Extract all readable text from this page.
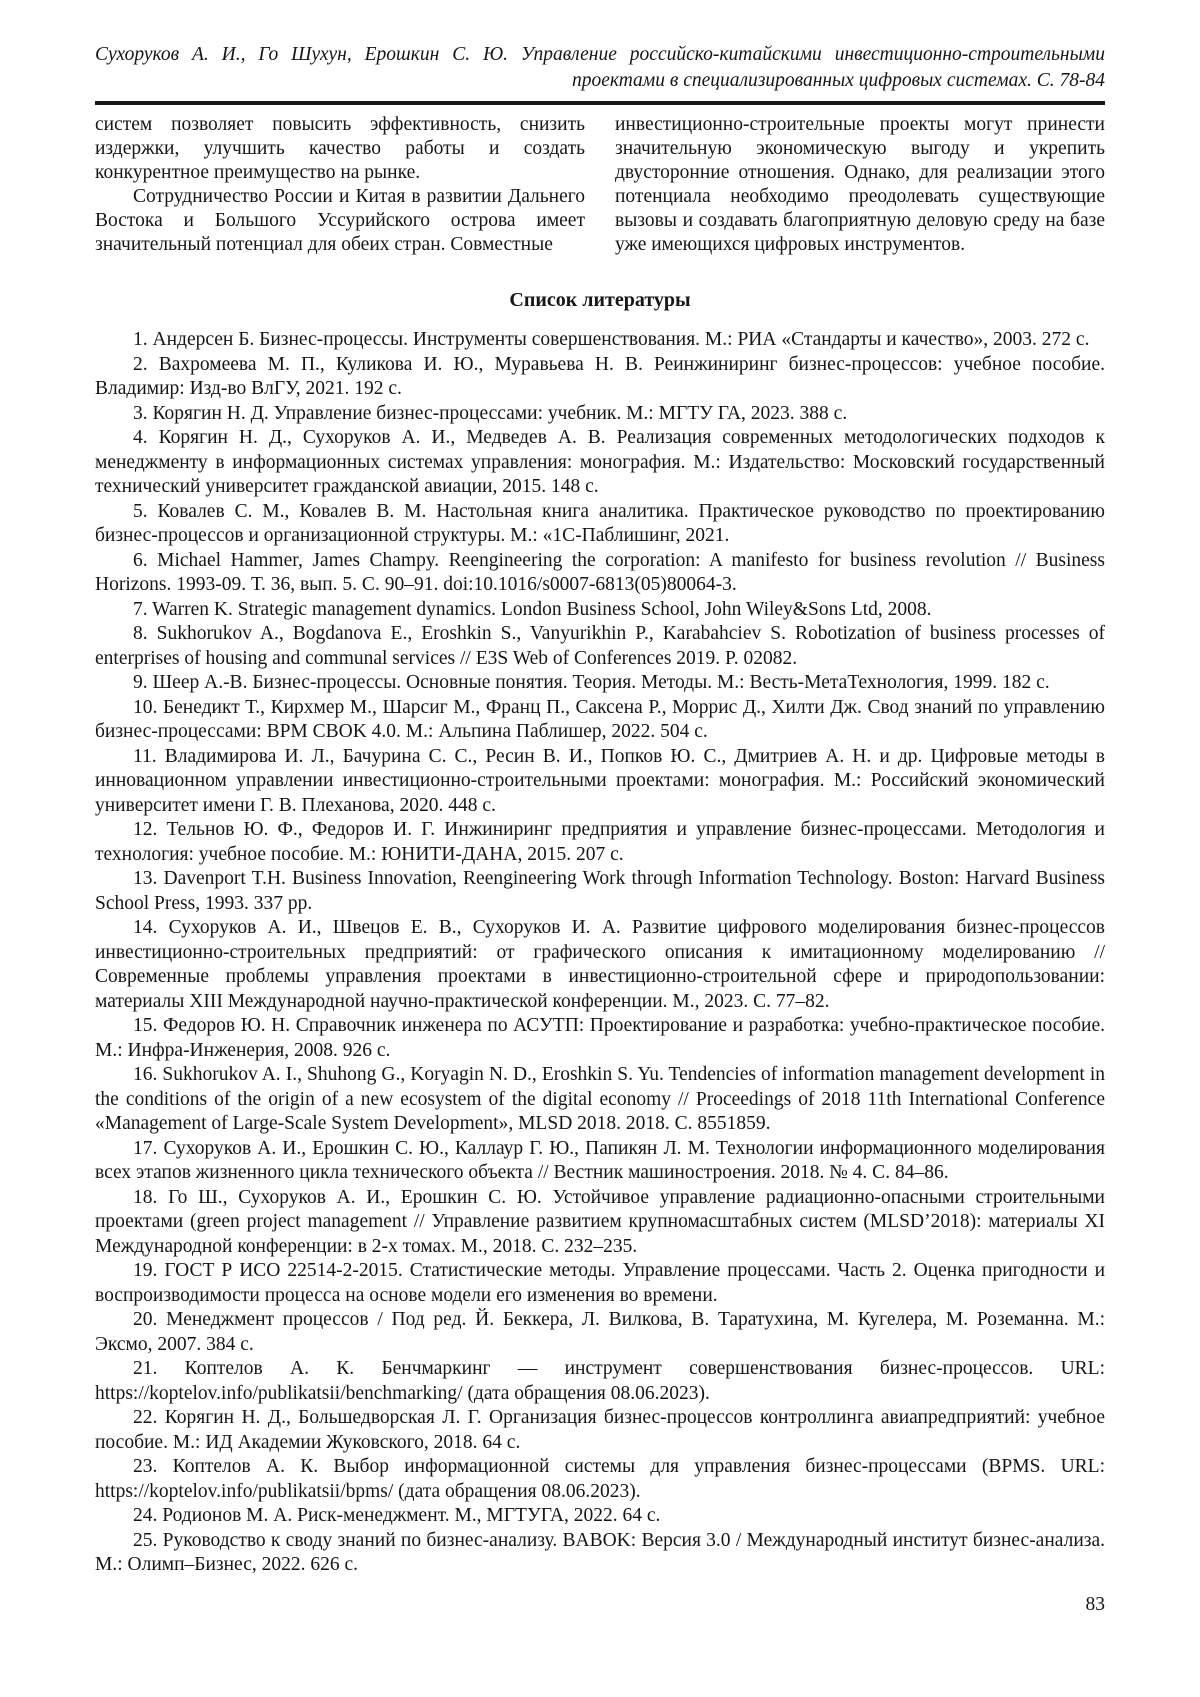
Сухоруков А. И., Го Шухун, Ерошкин С. Ю. Управление российско-китайскими инвестиционно-строительными проектами в специализированных цифровых системах. С. 78-84

систем позволяет повысить эффективность, снизить издержки, улучшить качество работы и создать конкурентное преимущество на рынке.

Сотрудничество России и Китая в развитии Дальнего Востока и Большого Уссурийского острова имеет значительный потенциал для обеих стран. Совместные

инвестиционно-строительные проекты могут принести значительную экономическую выгоду и укрепить двусторонние отношения. Однако, для реализации этого потенциала необходимо преодолевать существующие вызовы и создавать благоприятную деловую среду на базе уже имеющихся цифровых инструментов.

Список литературы

1. Андерсен Б. Бизнес-процессы. Инструменты совершенствования. М.: РИА «Стандарты и качество», 2003. 272 с.

2. Вахромеева М. П., Куликова И. Ю., Муравьева Н. В. Реинжиниринг бизнес-процессов: учебное пособие. Владимир: Изд-во ВлГУ, 2021. 192 с.

3. Корягин Н. Д. Управление бизнес-процессами: учебник. М.: МГТУ ГА, 2023. 388 с.

4. Корягин Н. Д., Сухоруков А. И., Медведев А. В. Реализация современных методологических подходов к менеджменту в информационных системах управления: монография. М.: Издательство: Московский государственный технический университет гражданской авиации, 2015. 148 с.

5. Ковалев С. М., Ковалев В. М. Настольная книга аналитика. Практическое руководство по проектированию бизнес-процессов и организационной структуры. М.: «1С-Паблишинг, 2021.

6. Michael Hammer, James Champy. Reengineering the corporation: A manifesto for business revolution // Business Horizons. 1993-09. Т. 36, вып. 5. С. 90–91. doi:10.1016/s0007-6813(05)80064-3.

7. Warren K. Strategic management dynamics. London Business School, John Wiley&Sons Ltd, 2008.

8. Sukhorukov A., Bogdanova E., Eroshkin S., Vanyurikhin P., Karabahciev S. Robotization of business processes of enterprises of housing and communal services // E3S Web of Conferences 2019. P. 02082.

9. Шеер А.-В. Бизнес-процессы. Основные понятия. Теория. Методы. М.: Весть-МетаТехнология, 1999. 182 с.

10. Бенедикт Т., Кирхмер М., Шарсиг М., Франц П., Саксена Р., Моррис Д., Хилти Дж. Свод знаний по управлению бизнес-процессами: BPM CBOK 4.0. М.: Альпина Паблишер, 2022. 504 с.

11. Владимирова И. Л., Бачурина С. С., Ресин В. И., Попков Ю. С., Дмитриев А. Н. и др. Цифровые методы в инновационном управлении инвестиционно-строительными проектами: монография. М.: Российский экономический университет имени Г. В. Плеханова, 2020. 448 с.

12. Тельнов Ю. Ф., Федоров И. Г. Инжиниринг предприятия и управление бизнес-процессами. Методология и технология: учебное пособие. М.: ЮНИТИ-ДАНА, 2015. 207 с.

13. Davenport T.H. Business Innovation, Reengineering Work through Information Technology. Boston: Harvard Business School Press, 1993. 337 pp.

14. Сухоруков А. И., Швецов Е. В., Сухоруков И. А. Развитие цифрового моделирования бизнес-процессов инвестиционно-строительных предприятий: от графического описания к имитационному моделированию // Современные проблемы управления проектами в инвестиционно-строительной сфере и природопользовании: материалы XIII Международной научно-практической конференции. М., 2023. С. 77–82.

15. Федоров Ю. Н. Справочник инженера по АСУТП: Проектирование и разработка: учебно-практическое пособие. М.: Инфра-Инженерия, 2008. 926 с.

16. Sukhorukov A. I., Shuhong G., Koryagin N. D., Eroshkin S. Yu. Tendencies of information management development in the conditions of the origin of a new ecosystem of the digital economy // Proceedings of 2018 11th International Conference «Management of Large-Scale System Development», MLSD 2018. 2018. С. 8551859.

17. Сухоруков А. И., Ерошкин С. Ю., Каллаур Г. Ю., Папикян Л. М. Технологии информационного моделирования всех этапов жизненного цикла технического объекта // Вестник машиностроения. 2018. № 4. С. 84–86.

18. Го Ш., Сухоруков А. И., Ерошкин С. Ю. Устойчивое управление радиационно-опасными строительными проектами (green project management // Управление развитием крупномасштабных систем (MLSD’2018): материалы XI Международной конференции: в 2-х томах. М., 2018. С. 232–235.

19. ГОСТ Р ИСО 22514-2-2015. Статистические методы. Управление процессами. Часть 2. Оценка пригодности и воспроизводимости процесса на основе модели его изменения во времени.

20. Менеджмент процессов / Под ред. Й. Беккера, Л. Вилкова, В. Таратухина, М. Кугелера, М. Роземанна. М.: Эксмо, 2007. 384 с.

21. Коптелов А. К. Бенчмаркинг — инструмент совершенствования бизнес-процессов. URL: https://koptelov.info/publikatsii/benchmarking/ (дата обращения 08.06.2023).

22. Корягин Н. Д., Большедворская Л. Г. Организация бизнес-процессов контроллинга авиапредприятий: учебное пособие. М.: ИД Академии Жуковского, 2018. 64 с.

23. Коптелов А. К. Выбор информационной системы для управления бизнес-процессами (BPMS. URL: https://koptelov.info/publikatsii/bpms/ (дата обращения 08.06.2023).

24. Родионов М. А. Риск-менеджмент. М., МГТУГА, 2022. 64 с.

25. Руководство к своду знаний по бизнес-анализу. BABOK: Версия 3.0 / Международный институт бизнес-анализа. М.: Олимп–Бизнес, 2022. 626 с.

83
